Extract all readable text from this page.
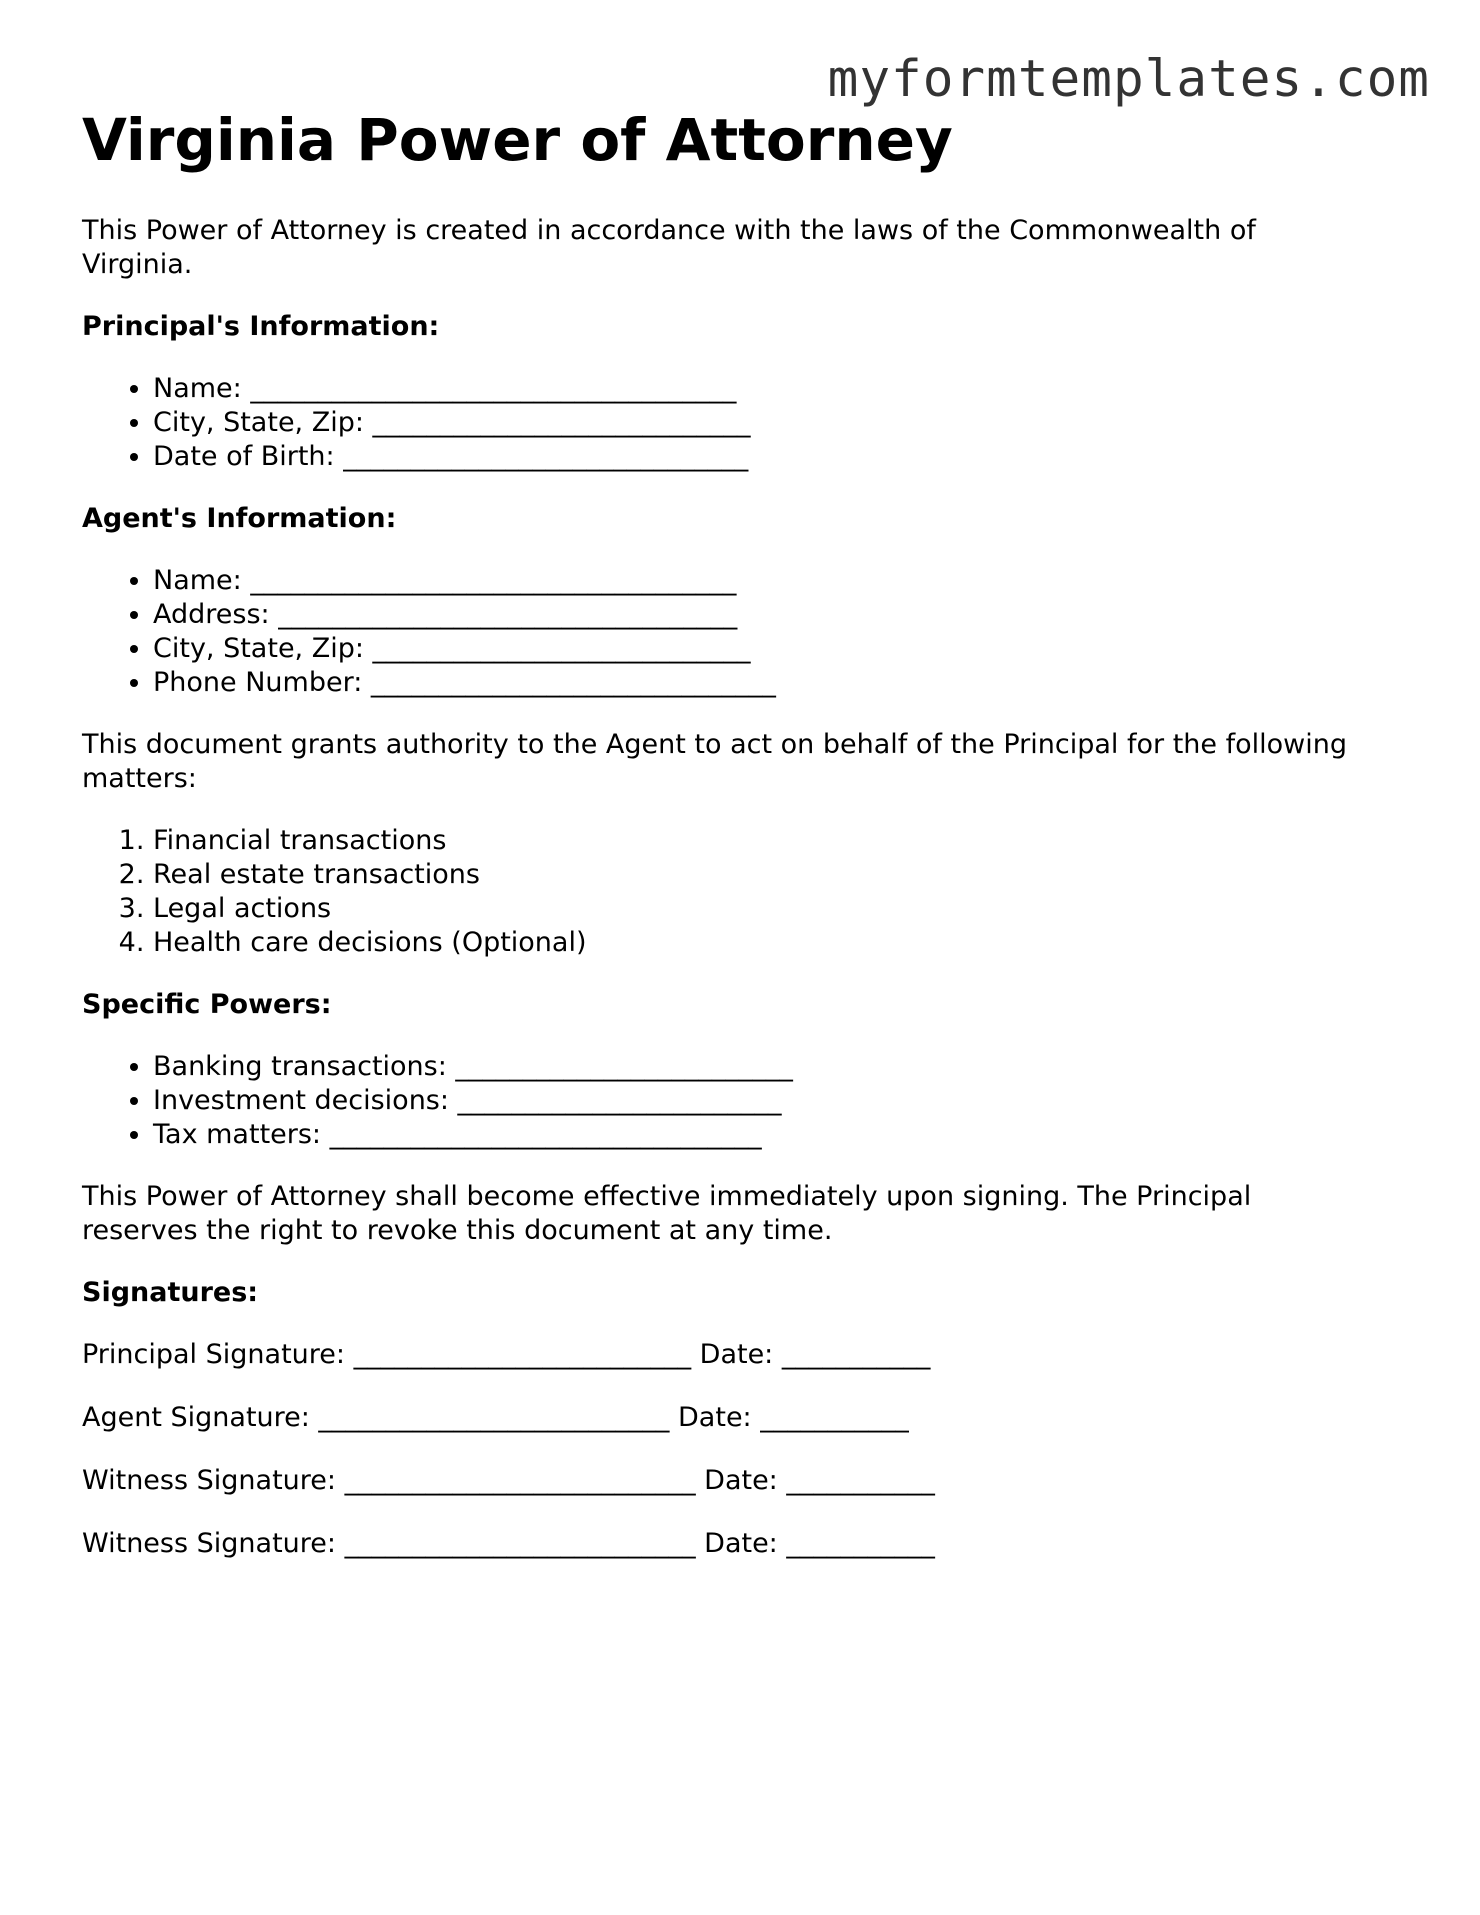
myformtemplates.com
Virginia Power of Attorney

This Power of Attorney is created in accordance with the laws of the Commonwealth of Virginia.

Principal's Information:
• Name: ____________________________________
• City, State, Zip: ____________________________
• Date of Birth: ______________________________
Agent's Information:
• Name: ____________________________________
• Address: __________________________________
• City, State, Zip: ____________________________
• Phone Number: ______________________________

This document grants authority to the Agent to act on behalf of the Principal for the following matters:

1. Financial transactions
2. Real estate transactions
3. Legal actions
4. Health care decisions (Optional)
Specific Powers:
• Banking transactions: _________________________
• Investment decisions: ________________________
• Tax matters: ________________________________

This Power of Attorney shall become effective immediately upon signing. The Principal reserves the right to revoke this document at any time.

Signatures:
Principal Signature: _________________________ Date: ___________
Agent Signature: __________________________ Date: ___________
Witness Signature: __________________________ Date: ___________
Witness Signature: __________________________ Date: ___________
